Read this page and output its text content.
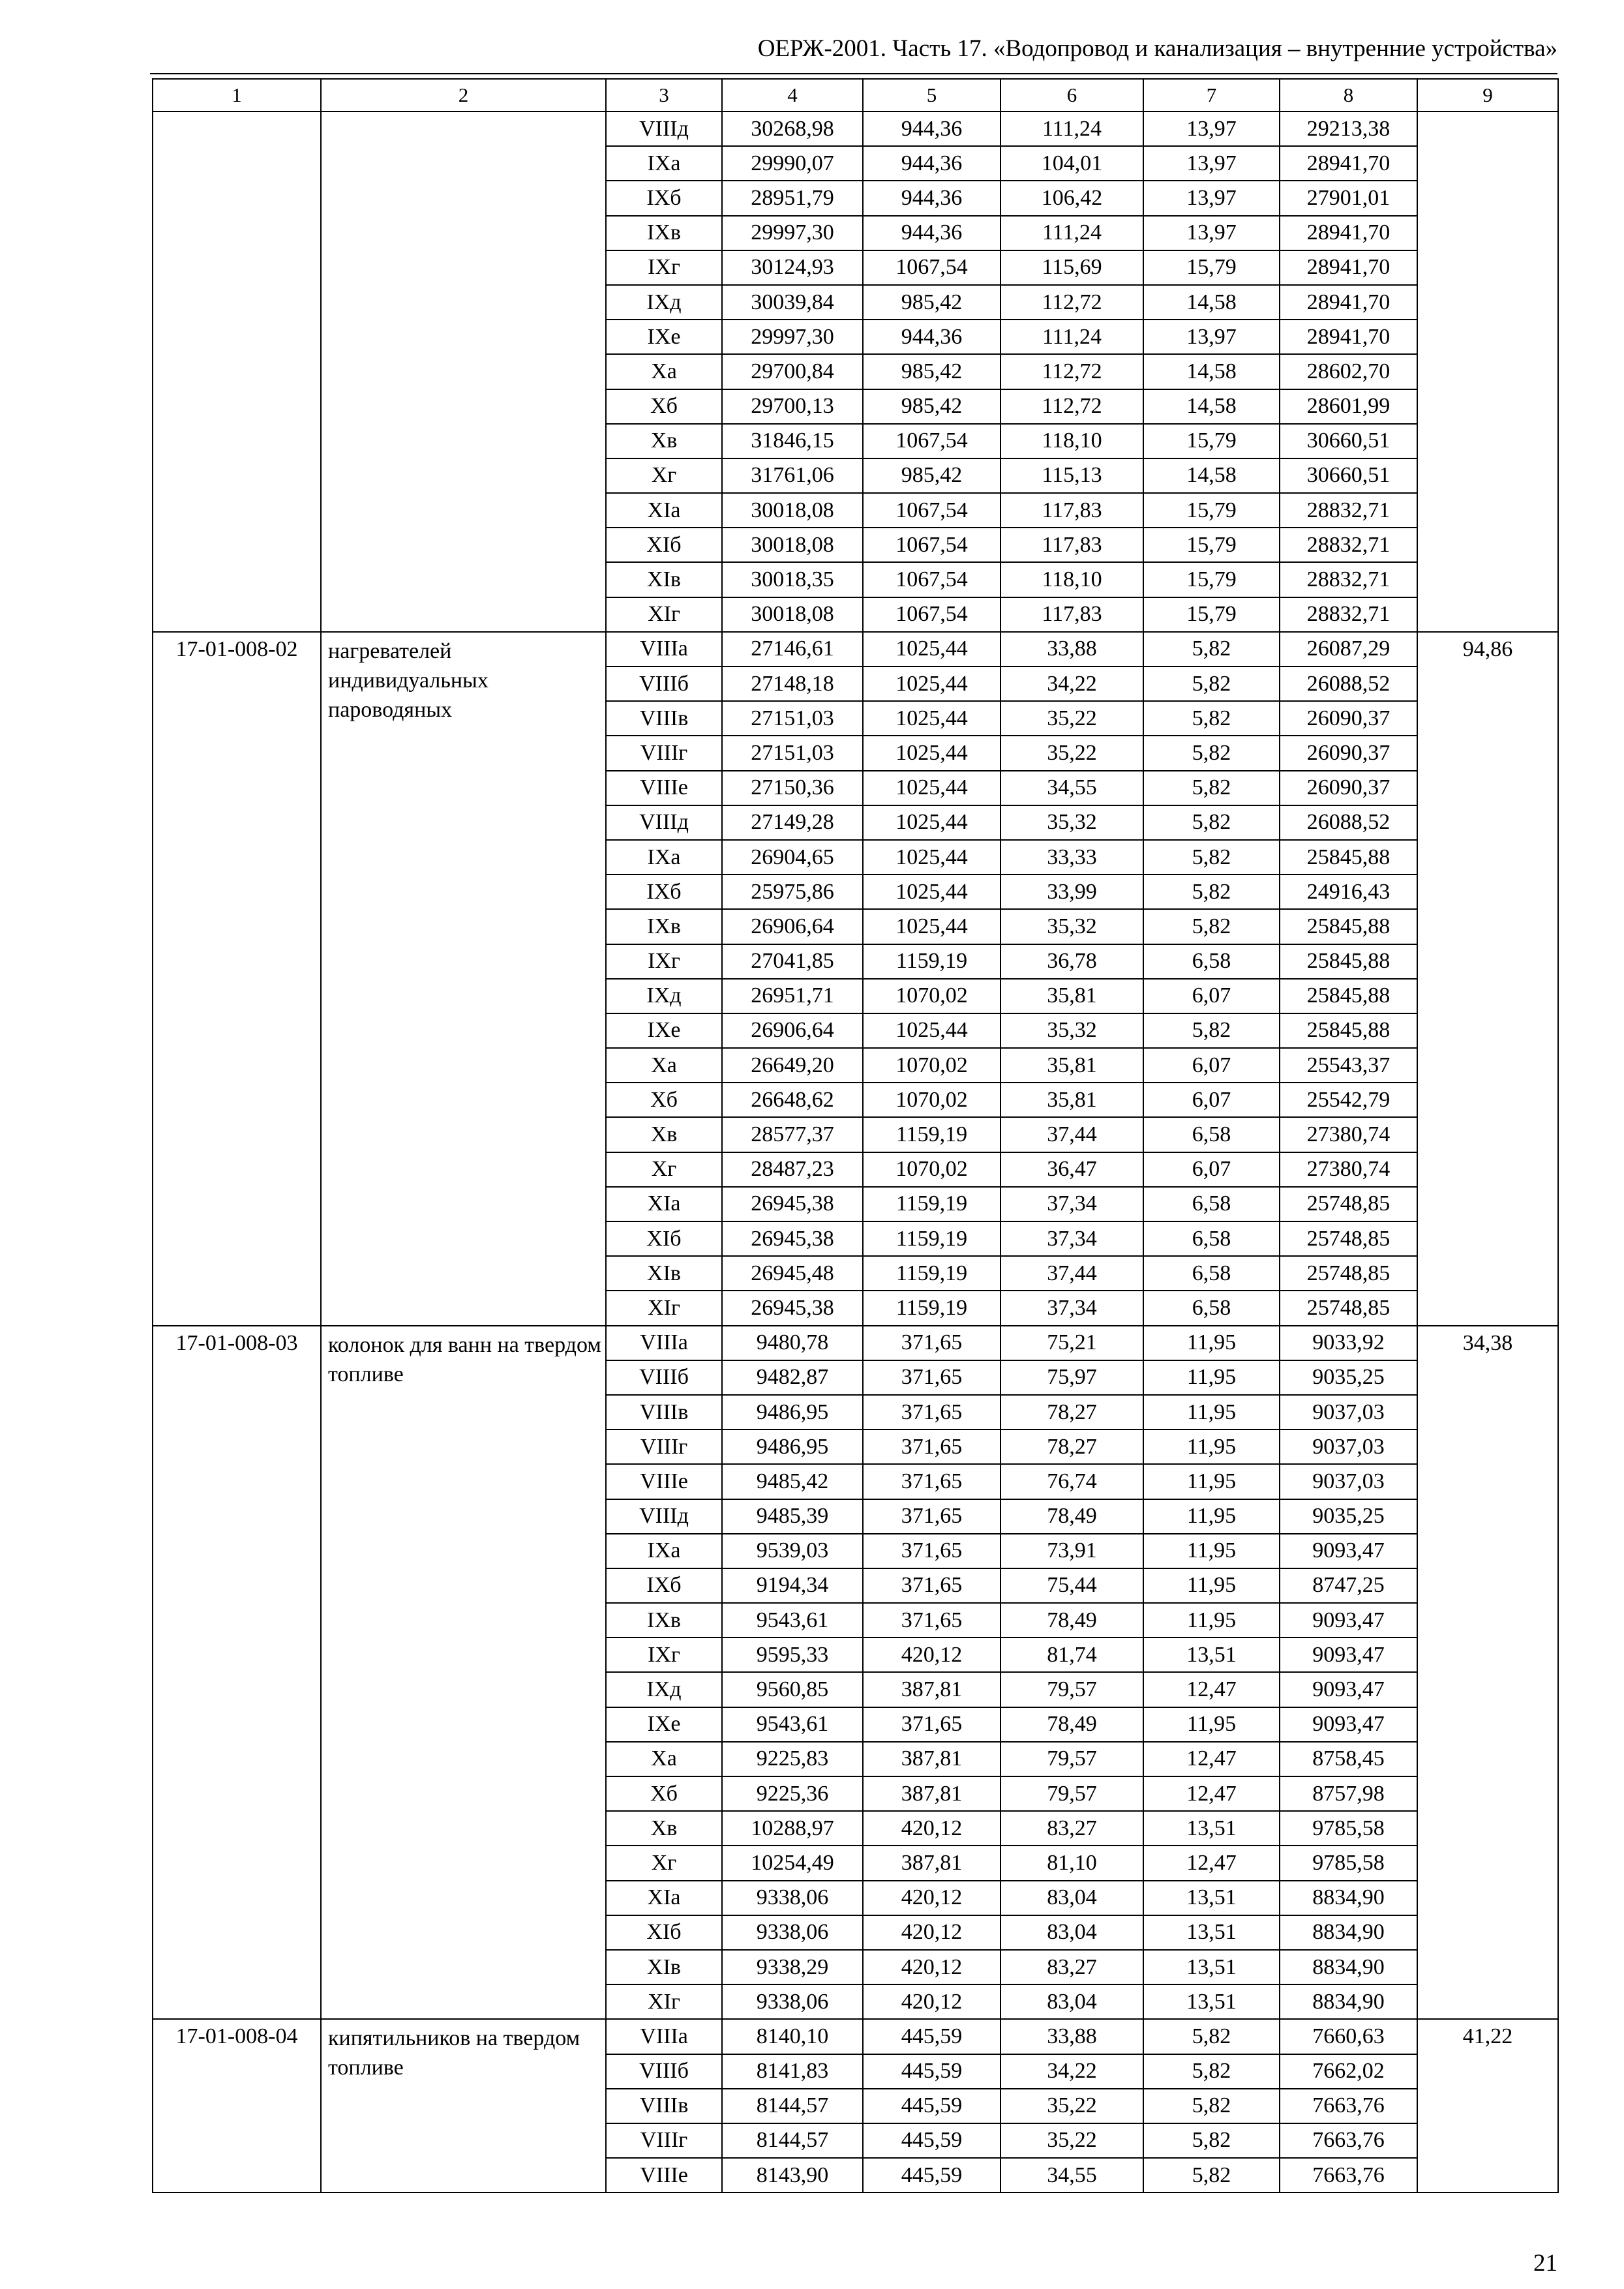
ОЕРЖ-2001. Часть 17. «Водопровод и канализация – внутренние устройства»
1	2	3	4	5	6	7	8	9
		VIIIд	30268,98	944,36	111,24	13,97	29213,38	
		IXa	29990,07	944,36	104,01	13,97	28941,70	
		IXб	28951,79	944,36	106,42	13,97	27901,01	
		IXв	29997,30	944,36	111,24	13,97	28941,70	
		IXг	30124,93	1067,54	115,69	15,79	28941,70	
		IXд	30039,84	985,42	112,72	14,58	28941,70	
		IXе	29997,30	944,36	111,24	13,97	28941,70	
		Xa	29700,84	985,42	112,72	14,58	28602,70	
		Xб	29700,13	985,42	112,72	14,58	28601,99	
		Xв	31846,15	1067,54	118,10	15,79	30660,51	
		Xг	31761,06	985,42	115,13	14,58	30660,51	
		XIa	30018,08	1067,54	117,83	15,79	28832,71	
		XIб	30018,08	1067,54	117,83	15,79	28832,71	
		XIв	30018,35	1067,54	118,10	15,79	28832,71	
		XIг	30018,08	1067,54	117,83	15,79	28832,71	
17-01-008-02	нагревателей индивидуальных пароводяных	VIIIa	27146,61	1025,44	33,88	5,82	26087,29	94,86
		VIIIб	27148,18	1025,44	34,22	5,82	26088,52	
		VIIIв	27151,03	1025,44	35,22	5,82	26090,37	
		VIIIг	27151,03	1025,44	35,22	5,82	26090,37	
		VIIIе	27150,36	1025,44	34,55	5,82	26090,37	
		VIIIд	27149,28	1025,44	35,32	5,82	26088,52	
		IXa	26904,65	1025,44	33,33	5,82	25845,88	
		IXб	25975,86	1025,44	33,99	5,82	24916,43	
		IXв	26906,64	1025,44	35,32	5,82	25845,88	
		IXг	27041,85	1159,19	36,78	6,58	25845,88	
		IXд	26951,71	1070,02	35,81	6,07	25845,88	
		IXе	26906,64	1025,44	35,32	5,82	25845,88	
		Xa	26649,20	1070,02	35,81	6,07	25543,37	
		Xб	26648,62	1070,02	35,81	6,07	25542,79	
		Xв	28577,37	1159,19	37,44	6,58	27380,74	
		Xг	28487,23	1070,02	36,47	6,07	27380,74	
		XIa	26945,38	1159,19	37,34	6,58	25748,85	
		XIб	26945,38	1159,19	37,34	6,58	25748,85	
		XIв	26945,48	1159,19	37,44	6,58	25748,85	
		XIг	26945,38	1159,19	37,34	6,58	25748,85	
17-01-008-03	колонок для ванн на твердом топливе	VIIIa	9480,78	371,65	75,21	11,95	9033,92	34,38
		VIIIб	9482,87	371,65	75,97	11,95	9035,25	
		VIIIв	9486,95	371,65	78,27	11,95	9037,03	
		VIIIг	9486,95	371,65	78,27	11,95	9037,03	
		VIIIе	9485,42	371,65	76,74	11,95	9037,03	
		VIIIд	9485,39	371,65	78,49	11,95	9035,25	
		IXa	9539,03	371,65	73,91	11,95	9093,47	
		IXб	9194,34	371,65	75,44	11,95	8747,25	
		IXв	9543,61	371,65	78,49	11,95	9093,47	
		IXг	9595,33	420,12	81,74	13,51	9093,47	
		IXд	9560,85	387,81	79,57	12,47	9093,47	
		IXе	9543,61	371,65	78,49	11,95	9093,47	
		Xa	9225,83	387,81	79,57	12,47	8758,45	
		Xб	9225,36	387,81	79,57	12,47	8757,98	
		Xв	10288,97	420,12	83,27	13,51	9785,58	
		Xг	10254,49	387,81	81,10	12,47	9785,58	
		XIa	9338,06	420,12	83,04	13,51	8834,90	
		XIб	9338,06	420,12	83,04	13,51	8834,90	
		XIв	9338,29	420,12	83,27	13,51	8834,90	
		XIг	9338,06	420,12	83,04	13,51	8834,90	
17-01-008-04	кипятильников на твердом топливе	VIIIa	8140,10	445,59	33,88	5,82	7660,63	41,22
		VIIIб	8141,83	445,59	34,22	5,82	7662,02	
		VIIIв	8144,57	445,59	35,22	5,82	7663,76	
		VIIIг	8144,57	445,59	35,22	5,82	7663,76	
		VIIIе	8143,90	445,59	34,55	5,82	7663,76	
21
